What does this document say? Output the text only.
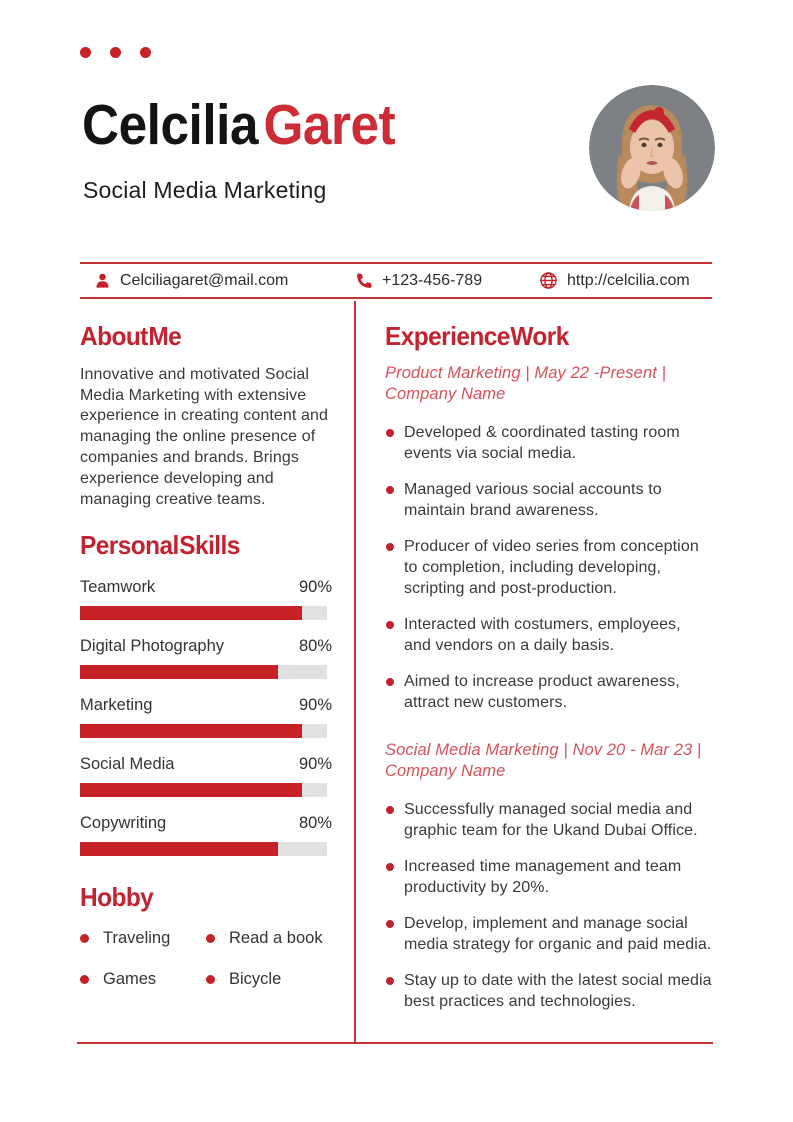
CelciliaGaret
Social Media Marketing
Celciliagaret@mail.com	+123-456-789	http://celcilia.com
About Me

Innovative and motivated Social Media Marketing with extensive experience in creating content and managing the online presence of companies and brands. Brings experience developing and managing creative teams.

Personal Skills
Teamwork	90%
Digital Photography	80%
Marketing	90%
Social Media	90%
Copywriting	80%
Hobby
Traveling	Read a book
Games	Bicycle
Experience Work
Product Marketing | May 22 -Present | Company Name
Developed & coordinated tasting room events via social media.
Managed various social accounts to maintain brand awareness.
Producer of video series from conception to completion, including developing, scripting and post-production.
Interacted with costumers, employees, and vendors on a daily basis.
Aimed to increase product awareness, attract new customers.
Social Media Marketing | Nov 20 - Mar 23 | Company Name
Successfully managed social media and graphic team for the Ukand Dubai Office.
Increased time management and team productivity by 20%.
Develop, implement and manage social media strategy for organic and paid media.
Stay up to date with the latest social media best practices and technologies.
